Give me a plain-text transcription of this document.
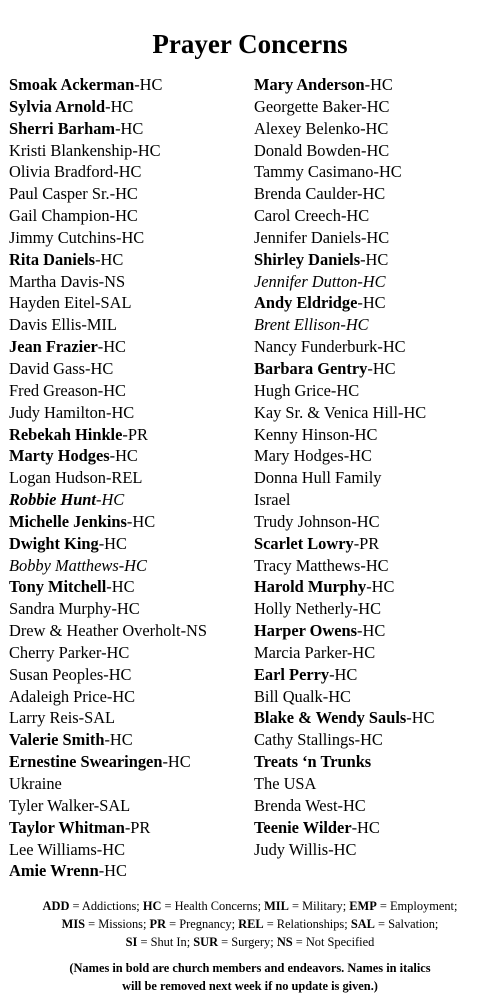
Prayer Concerns
Smoak Ackerman-HC
Sylvia Arnold-HC
Sherri Barham-HC
Kristi Blankenship-HC
Olivia Bradford-HC
Paul Casper Sr.-HC
Gail Champion-HC
Jimmy Cutchins-HC
Rita Daniels-HC
Martha Davis-NS
Hayden Eitel-SAL
Davis Ellis-MIL
Jean Frazier-HC
David Gass-HC
Fred Greason-HC
Judy Hamilton-HC
Rebekah Hinkle-PR
Marty Hodges-HC
Logan Hudson-REL
Robbie Hunt-HC
Michelle Jenkins-HC
Dwight King-HC
Bobby Matthews-HC
Tony Mitchell-HC
Sandra Murphy-HC
Drew & Heather Overholt-NS
Cherry Parker-HC
Susan Peoples-HC
Adaleigh Price-HC
Larry Reis-SAL
Valerie Smith-HC
Ernestine Swearingen-HC
Ukraine
Tyler Walker-SAL
Taylor Whitman-PR
Lee Williams-HC
Amie Wrenn-HC
Mary Anderson-HC
Georgette Baker-HC
Alexey Belenko-HC
Donald Bowden-HC
Tammy Casimano-HC
Brenda Caulder-HC
Carol Creech-HC
Jennifer Daniels-HC
Shirley Daniels-HC
Jennifer Dutton-HC
Andy Eldridge-HC
Brent Ellison-HC
Nancy Funderburk-HC
Barbara Gentry-HC
Hugh Grice-HC
Kay Sr. & Venica Hill-HC
Kenny Hinson-HC
Mary Hodges-HC
Donna Hull Family
Israel
Trudy Johnson-HC
Scarlet Lowry-PR
Tracy Matthews-HC
Harold Murphy-HC
Holly Netherly-HC
Harper Owens-HC
Marcia Parker-HC
Earl Perry-HC
Bill Qualk-HC
Blake & Wendy Sauls-HC
Cathy Stallings-HC
Treats ‘n Trunks
The USA
Brenda West-HC
Teenie Wilder-HC
Judy Willis-HC
ADD = Addictions; HC = Health Concerns; MIL = Military; EMP = Employment;
MIS = Missions; PR = Pregnancy; REL = Relationships; SAL = Salvation;
SI = Shut In; SUR = Surgery; NS = Not Specified
(Names in bold are church members and endeavors. Names in italics
will be removed next week if no update is given.)
